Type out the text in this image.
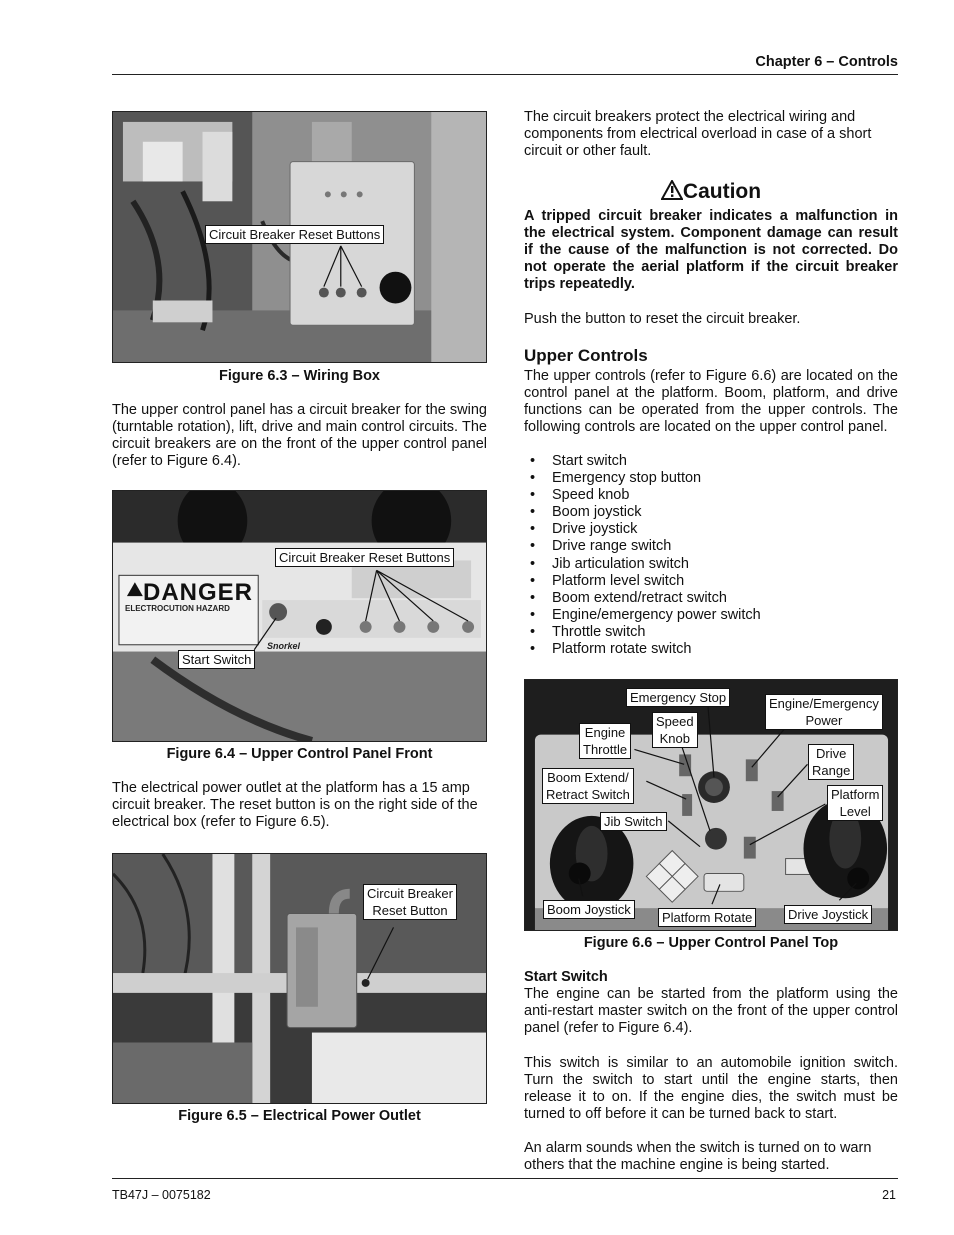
Chapter 6 – Controls
Circuit Breaker Reset Buttons
Figure 6.3 – Wiring Box
The upper control panel has a circuit breaker for the swing (turntable rotation), lift, drive and main control circuits. The circuit breakers are on the front of the upper control panel (refer to Figure 6.4).
DANGER
ELECTROCUTION HAZARD
Snorkel
Circuit Breaker Reset Buttons
Start Switch
Figure 6.4 – Upper Control Panel Front
The electrical power outlet at the platform has a 15 amp circuit breaker. The reset button is on the right side of the electrical box (refer to Figure 6.5).
Circuit Breaker
Reset Button
Figure 6.5 – Electrical Power Outlet
The circuit breakers protect the electrical wiring and components from electrical overload in case of a short circuit or other fault.
Caution
A tripped circuit breaker indicates a malfunction in the electrical system. Component damage can result if the cause of the malfunction is not corrected. Do not operate the aerial platform if the circuit breaker trips repeatedly.
Push the button to reset the circuit breaker.
Upper Controls
The upper controls (refer to Figure 6.6) are located on the control panel at the platform. Boom, platform, and drive functions can be operated from the upper controls. The following controls are located on the upper control panel.
• Start switch
• Emergency stop button
• Speed knob
• Boom joystick
• Drive joystick
• Drive range switch
• Jib articulation switch
• Platform level switch
• Boom extend/retract switch
• Engine/emergency power switch
• Throttle switch
• Platform rotate switch
Emergency Stop	Engine/Emergency
Power
Engine
Throttle
Speed
Knob
Drive
Range
Boom Extend/
Retract Switch	Platform
Level
Jib Switch
Boom Joystick
Platform Rotate	Drive Joystick
Figure 6.6 – Upper Control Panel Top
Start Switch
The engine can be started from the platform using the anti-restart master switch on the front of the upper control panel (refer to Figure 6.4).
This switch is similar to an automobile ignition switch. Turn the switch to start until the engine starts, then release it to on. If the engine dies, the switch must be turned to off before it can be turned back to start.
An alarm sounds when the switch is turned on to warn others that the machine engine is being started.
TB47J – 0075182	21
